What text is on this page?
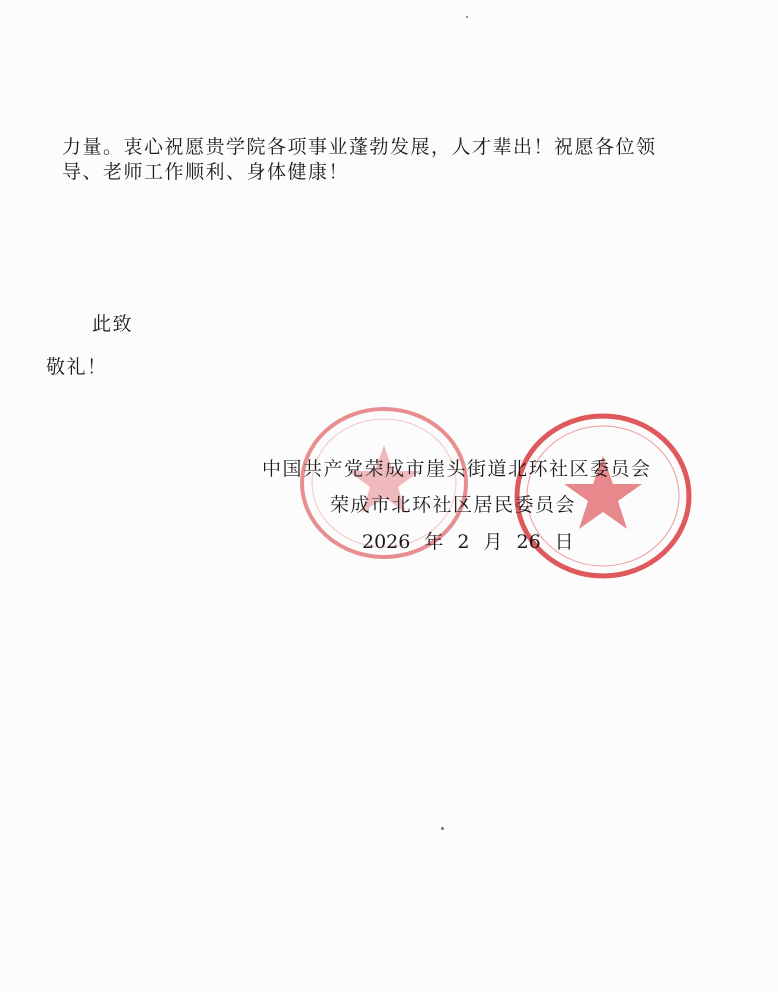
力量。衷心祝愿贵学院各项事业蓬勃发展，人才辈出！祝愿各位领
导、老师工作顺利、身体健康！
此致
敬礼！
中国共产党荣成市崖头街道北环社区委员会
荣成市北环社区居民委员会
2026 年 2 月 26 日
